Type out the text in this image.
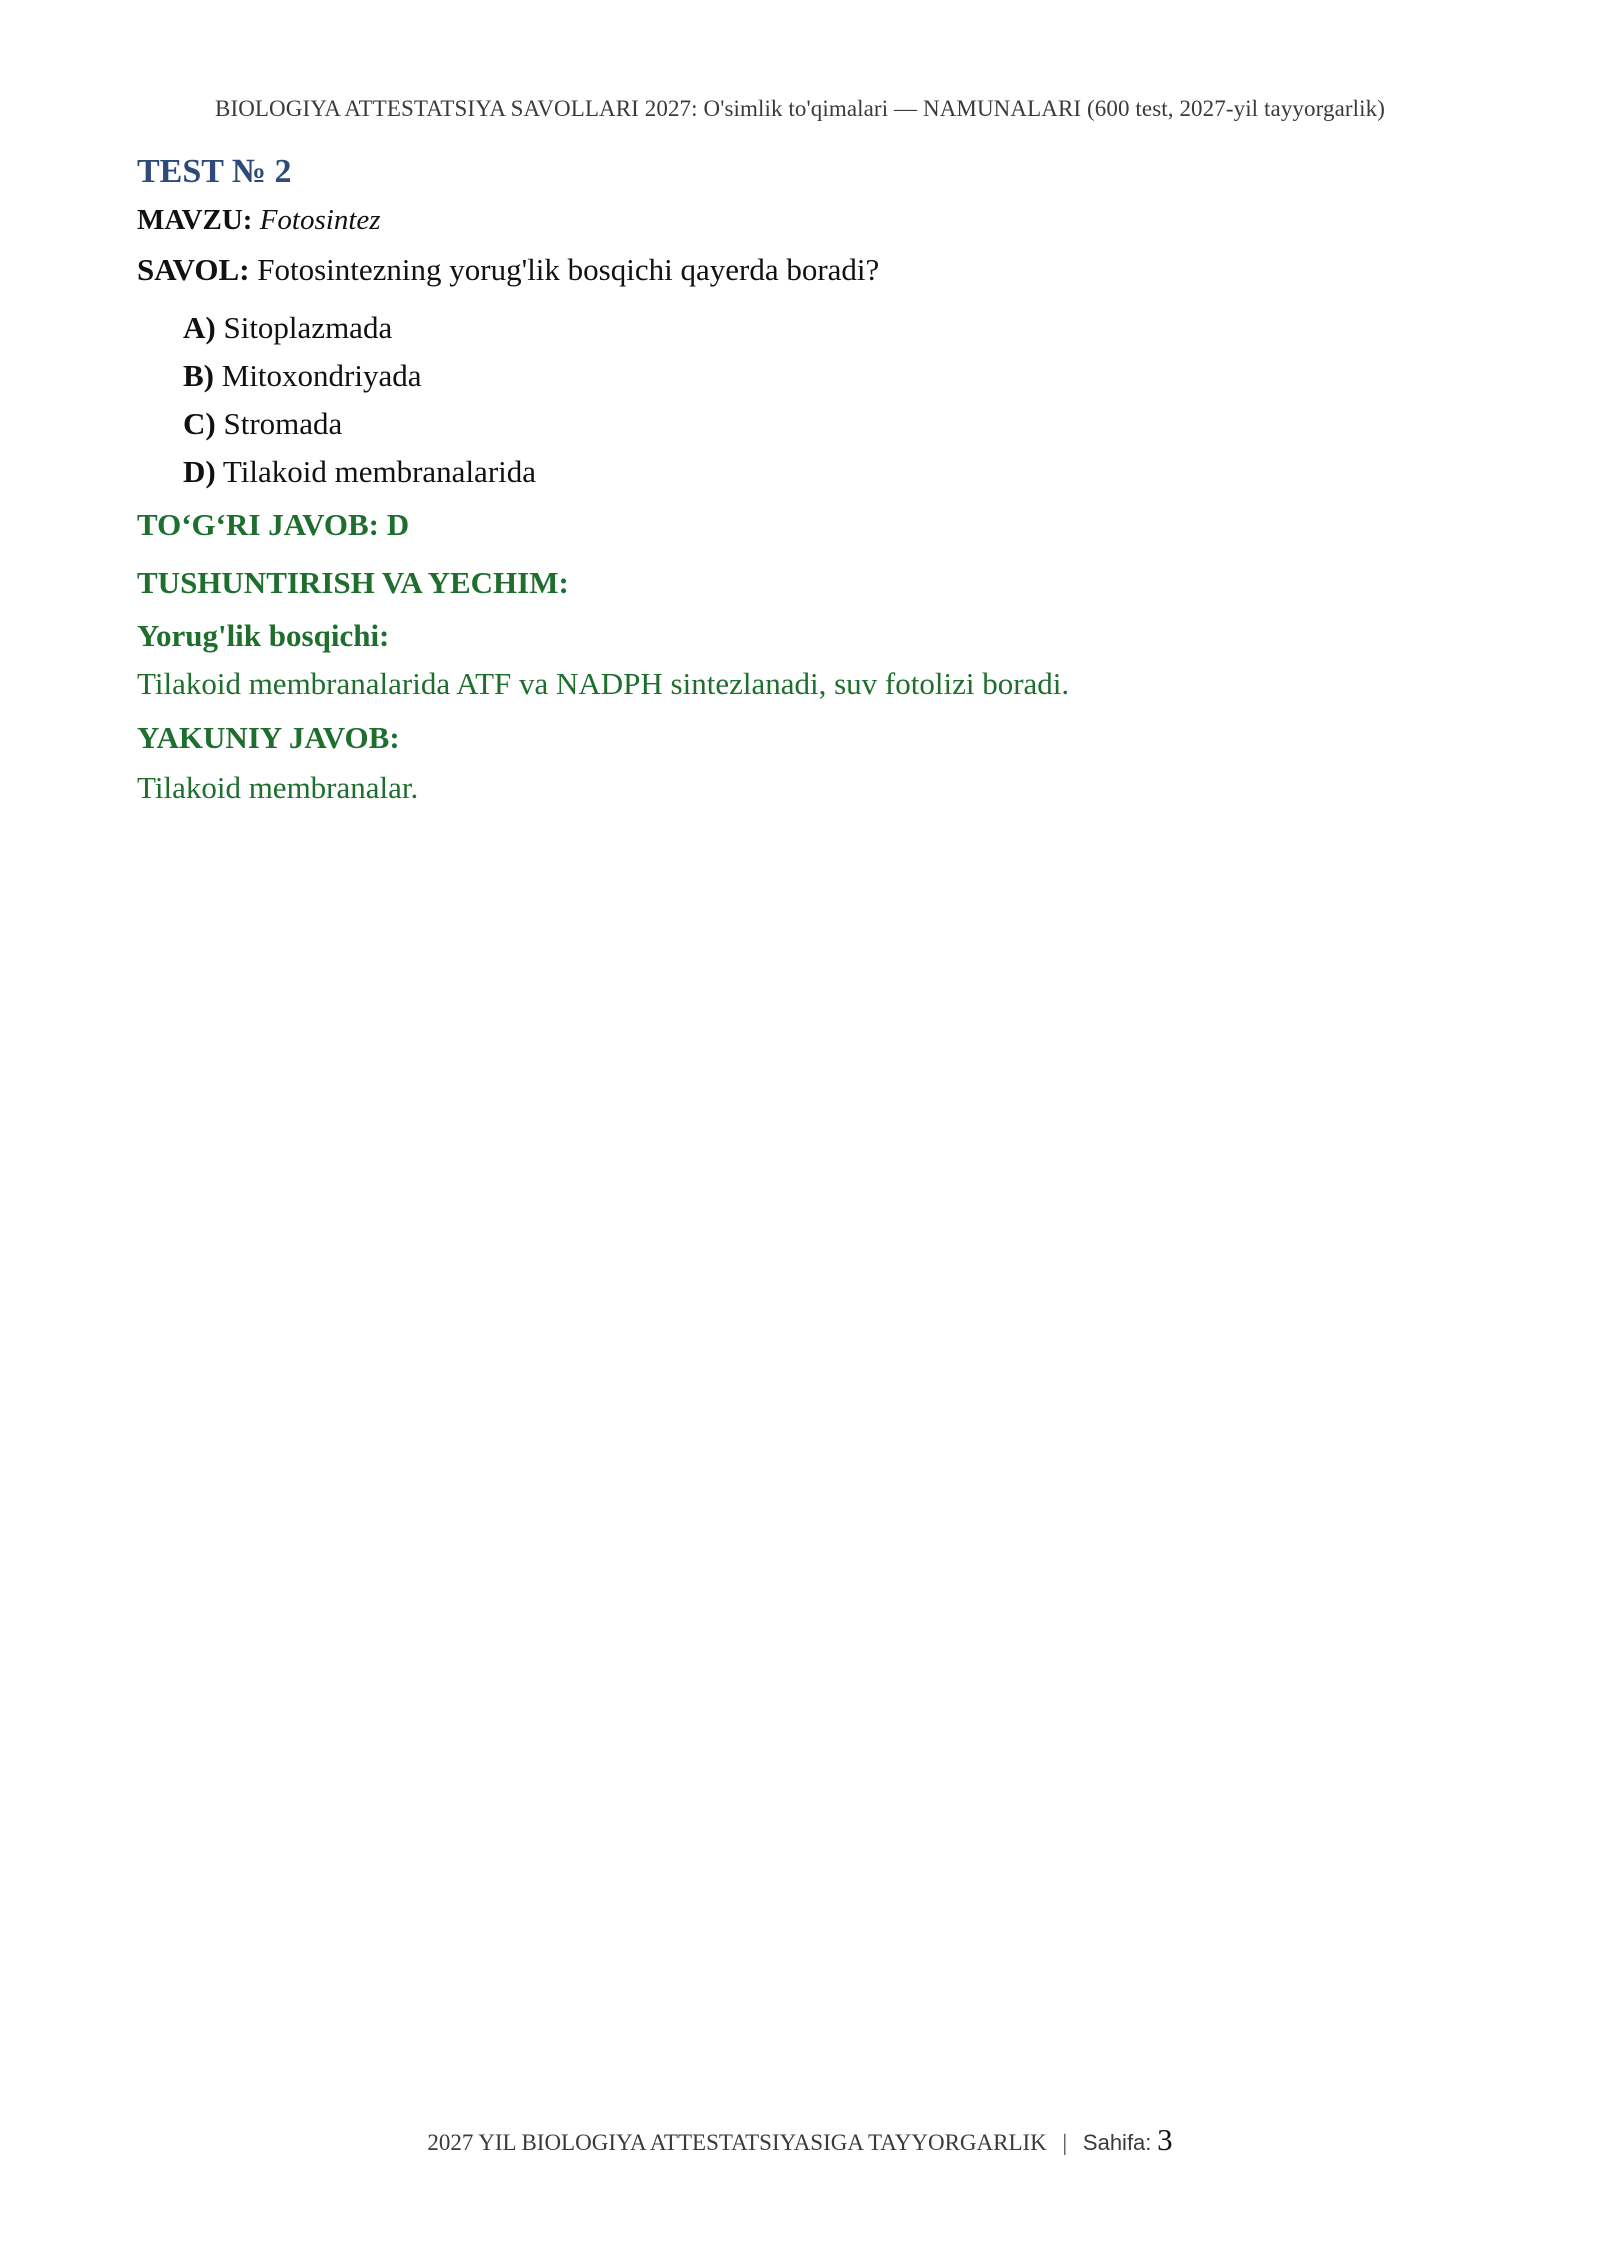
BIOLOGIYA ATTESTATSIYA SAVOLLARI 2027: O'simlik to'qimalari — NAMUNALARI (600 test, 2027-yil tayyorgarlik)
TEST № 2
MAVZU: Fotosintez
SAVOL: Fotosintezning yorug'lik bosqichi qayerda boradi?
A) Sitoplazmada
B) Mitoxondriyada
C) Stromada
D) Tilakoid membranalarida
TO‘G‘RI JAVOB: D
TUSHUNTIRISH VA YECHIM:
Yorug'lik bosqichi:
Tilakoid membranalarida ATF va NADPH sintezlanadi, suv fotolizi boradi.
YAKUNIY JAVOB:
Tilakoid membranalar.
2027 YIL BIOLOGIYA ATTESTATSIYASIGA TAYYORGARLIK | Sahifa: 3
